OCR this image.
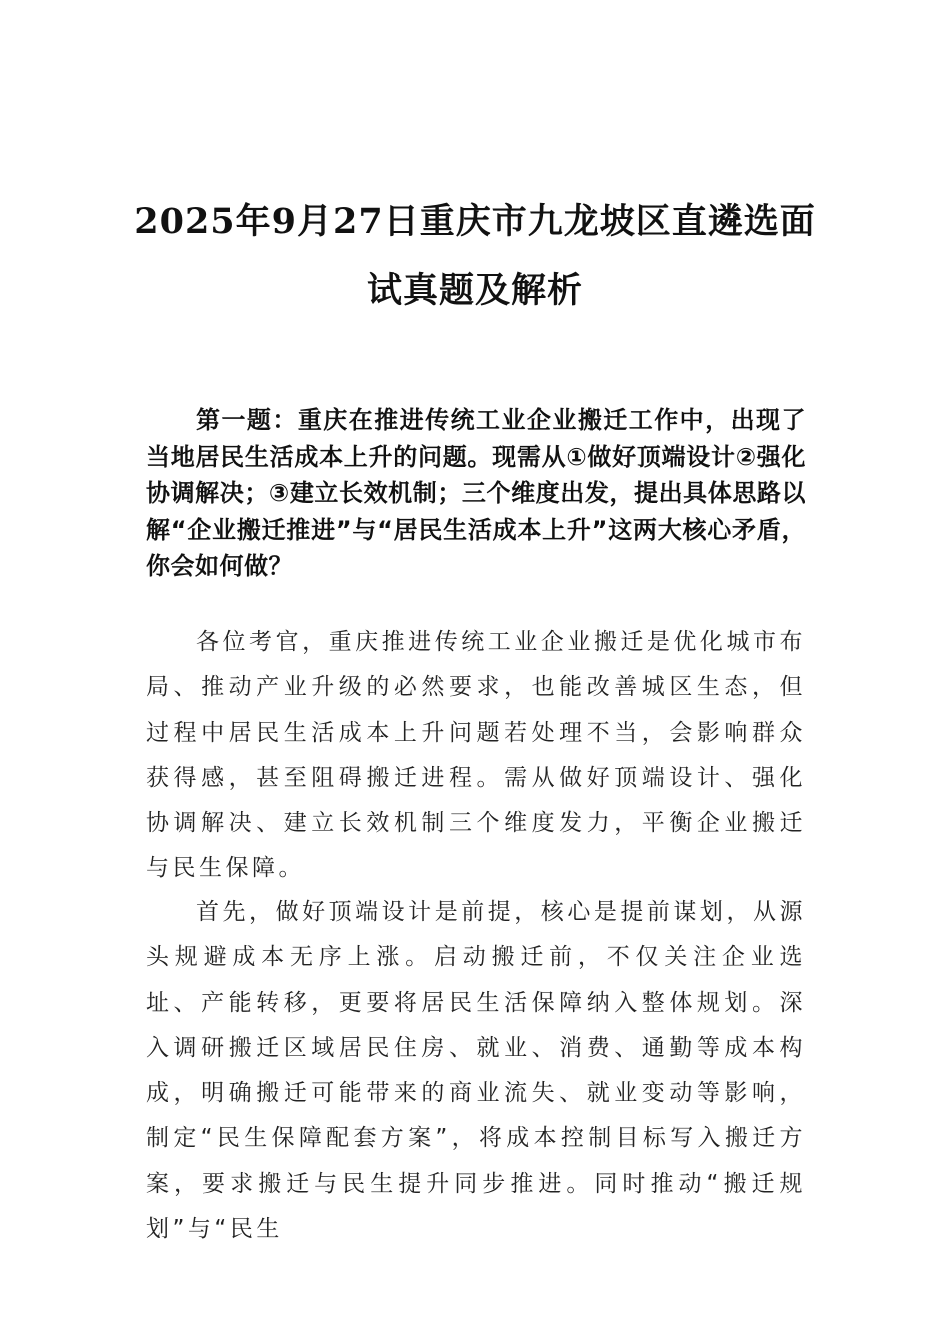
2025年9月27日重庆市九龙坡区直遴选面
试真题及解析

第一题：重庆在推进传统工业企业搬迁工作中，出现了当地居民生活成本上升的问题。现需从①做好顶端设计②强化协调解决；③建立长效机制；三个维度出发，提出具体思路以解“企业搬迁推进”与“居民生活成本上升”这两大核心矛盾，你会如何做？

各位考官，重庆推进传统工业企业搬迁是优化城市布局、推动产业升级的必然要求，也能改善城区生态，但过程中居民生活成本上升问题若处理不当，会影响群众获得感，甚至阻碍搬迁进程。需从做好顶端设计、强化协调解决、建立长效机制三个维度发力，平衡企业搬迁与民生保障。

首先，做好顶端设计是前提，核心是提前谋划，从源头规避成本无序上涨。启动搬迁前，不仅关注企业选址、产能转移，更要将居民生活保障纳入整体规划。深入调研搬迁区域居民住房、就业、消费、通勤等成本构成，明确搬迁可能带来的商业流失、就业变动等影响，制定“民生保障配套方案”，将成本控制目标写入搬迁方案，要求搬迁与民生提升同步推进。同时推动“搬迁规划”与“民生
